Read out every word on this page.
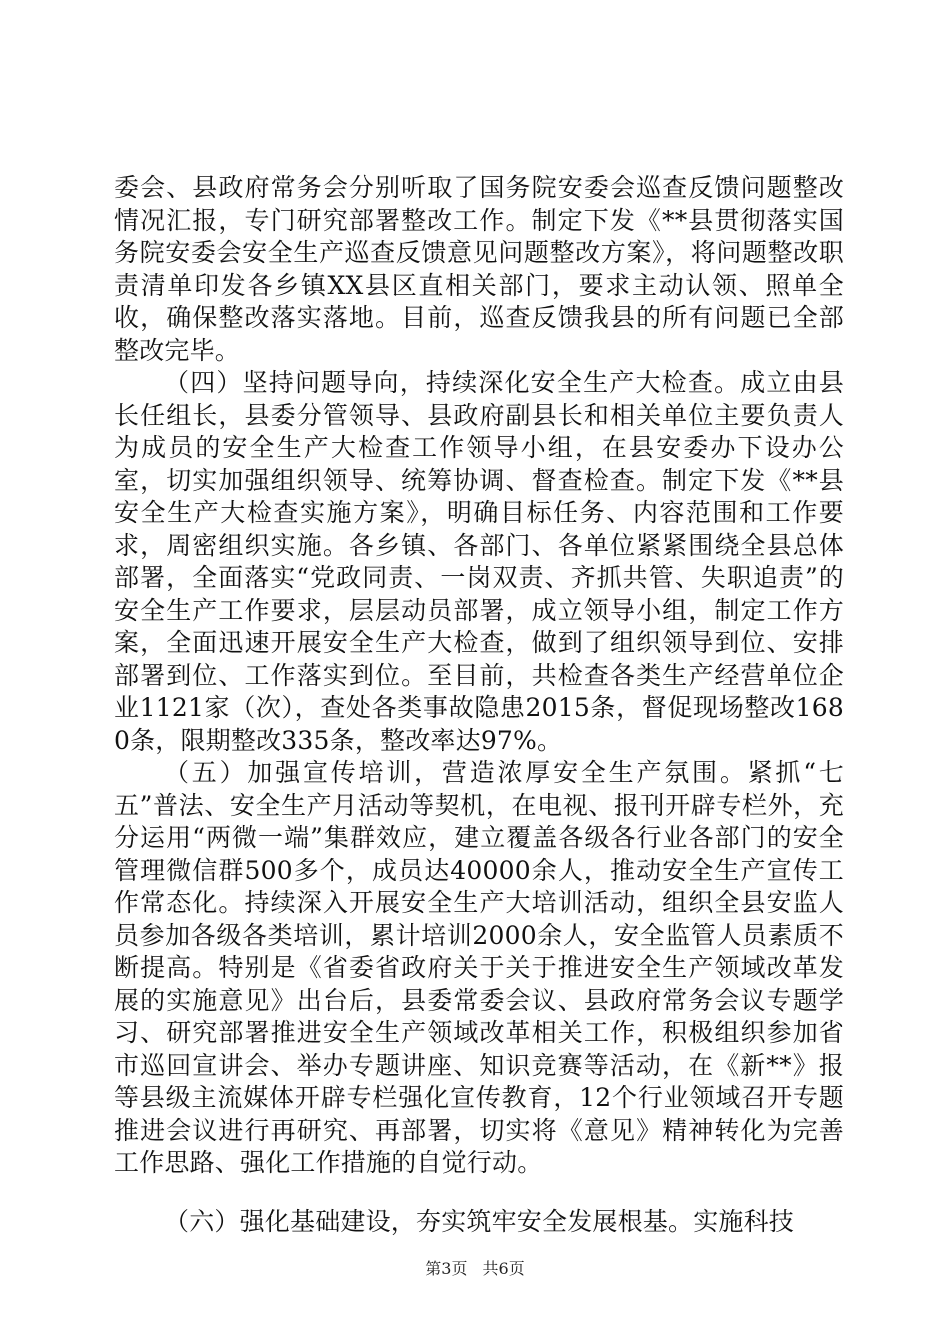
委会、县政府常务会分别听取了国务院安委会巡查反馈问题整改情况汇报，专门研究部署整改工作。制定下发《**县贯彻落实国务院安委会安全生产巡查反馈意见问题整改方案》，将问题整改职责清单印发各乡镇XX县区直相关部门，要求主动认领、照单全收，确保整改落实落地。目前，巡查反馈我县的所有问题已全部整改完毕。

（四）坚持问题导向，持续深化安全生产大检查。成立由县长任组长，县委分管领导、县政府副县长和相关单位主要负责人为成员的安全生产大检查工作领导小组，在县安委办下设办公室，切实加强组织领导、统筹协调、督查检查。制定下发《**县安全生产大检查实施方案》，明确目标任务、内容范围和工作要求，周密组织实施。各乡镇、各部门、各单位紧紧围绕全县总体部署，全面落实“党政同责、一岗双责、齐抓共管、失职追责”的安全生产工作要求，层层动员部署，成立领导小组，制定工作方案，全面迅速开展安全生产大检查，做到了组织领导到位、安排部署到位、工作落实到位。至目前，共检查各类生产经营单位企业1121家（次），查处各类事故隐患2015条，督促现场整改1680条，限期整改335条，整改率达97%。

（五）加强宣传培训，营造浓厚安全生产氛围。紧抓“七五”普法、安全生产月活动等契机，在电视、报刊开辟专栏外，充分运用“两微一端”集群效应，建立覆盖各级各行业各部门的安全管理微信群500多个，成员达40000余人，推动安全生产宣传工作常态化。持续深入开展安全生产大培训活动，组织全县安监人员参加各级各类培训，累计培训2000余人，安全监管人员素质不断提高。特别是《省委省政府关于关于推进安全生产领域改革发展的实施意见》出台后，县委常委会议、县政府常务会议专题学习、研究部署推进安全生产领域改革相关工作，积极组织参加省市巡回宣讲会、举办专题讲座、知识竞赛等活动，在《新**》报等县级主流媒体开辟专栏强化宣传教育，12个行业领域召开专题推进会议进行再研究、再部署，切实将《意见》精神转化为完善工作思路、强化工作措施的自觉行动。

（六）强化基础建设，夯实筑牢安全发展根基。实施科技

第3页 共6页
